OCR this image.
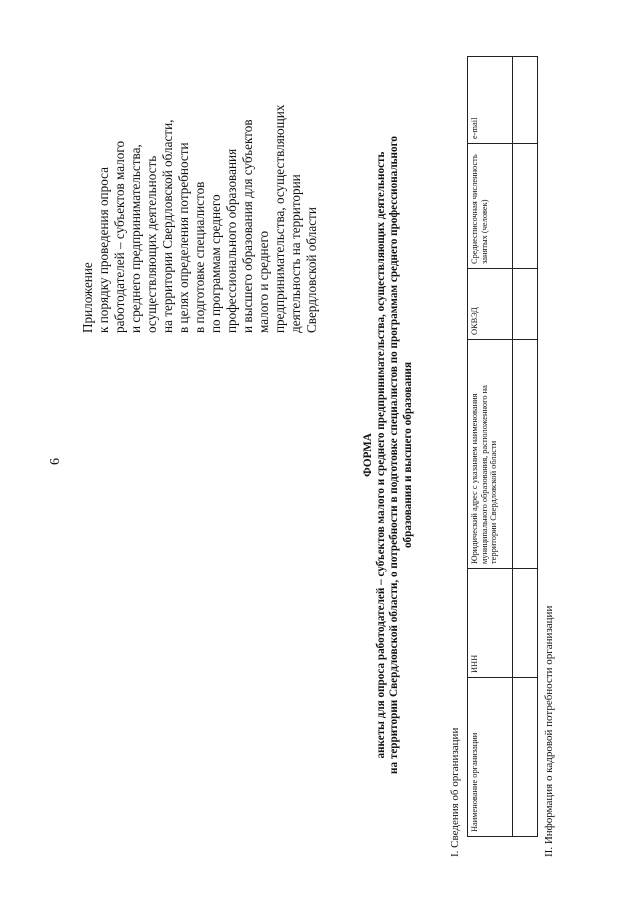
6
Приложение к порядку проведения опроса работодателей – субъектов малого и среднего предпринимательства, осуществляющих деятельность на территории Свердловской области, в целях определения потребности в подготовке специалистов по программам среднего профессионального образования и высшего образования для субъектов малого и среднего предпринимательства, осуществляющих деятельность на территории Свердловской области
ФОРМА анкеты для опроса работодателей – субъектов малого и среднего предпринимательства, осуществляющих деятельность на территории Свердловской области, о потребности в подготовке специалистов по программам среднего профессионального образования и высшего образования
I. Сведения об организации Наименование организации	ИНН	Юридический адрес с указанием наименования муниципального образования, расположенного на территории Свердловской области	ОКВЭД	Среднесписочная численность занятых (человек)	e-mail

II. Информация о кадровой потребности организации
